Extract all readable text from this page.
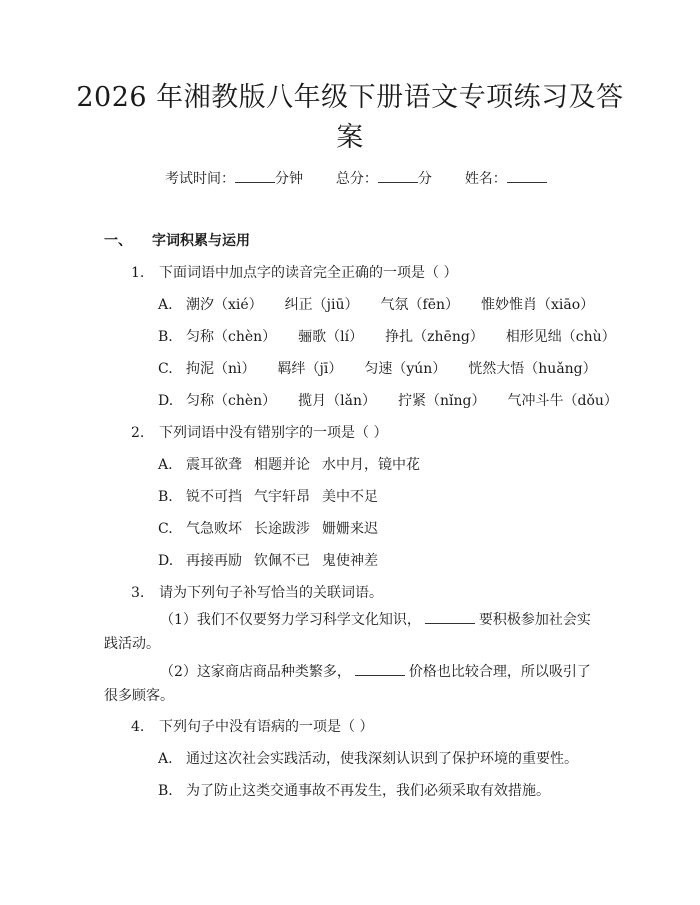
2026 年湘教版八年级下册语文专项练习及答
案
考试时间：	分钟 总分：	分 姓名：
一、 字词积累与运用
1. 下面词语中加点字的读音完全正确的一项是（ ）
A. 潮汐（xié） 纠正（jiū） 气氛（fēn） 惟妙惟肖（xiāo）
B. 匀称（chèn） 骊歌（lí） 挣扎（zhēng） 相形见绌（chù）
C. 拘泥（nì） 羁绊（jī） 匀速（yún） 恍然大悟（huǎng）
D. 匀称（chèn） 揽月（lǎn） 拧紧（nǐng） 气冲斗牛（dǒu）
2. 下列词语中没有错别字的一项是（ ）
A. 震耳欲聋 相题并论 水中月，镜中花
B. 锐不可挡 气宇轩昂 美中不足
C. 气急败坏 长途跋涉 姗姗来迟
D. 再接再励 钦佩不已 鬼使神差
3. 请为下列句子补写恰当的关联词语。
（1）我们不仅要努力学习科学文化知识，	要积极参加社会实践活动。
（2）这家商店商品种类繁多，	价格也比较合理，所以吸引了很多顾客。
4. 下列句子中没有语病的一项是（ ）
A. 通过这次社会实践活动，使我深刻认识到了保护环境的重要性。
B. 为了防止这类交通事故不再发生，我们必须采取有效措施。
